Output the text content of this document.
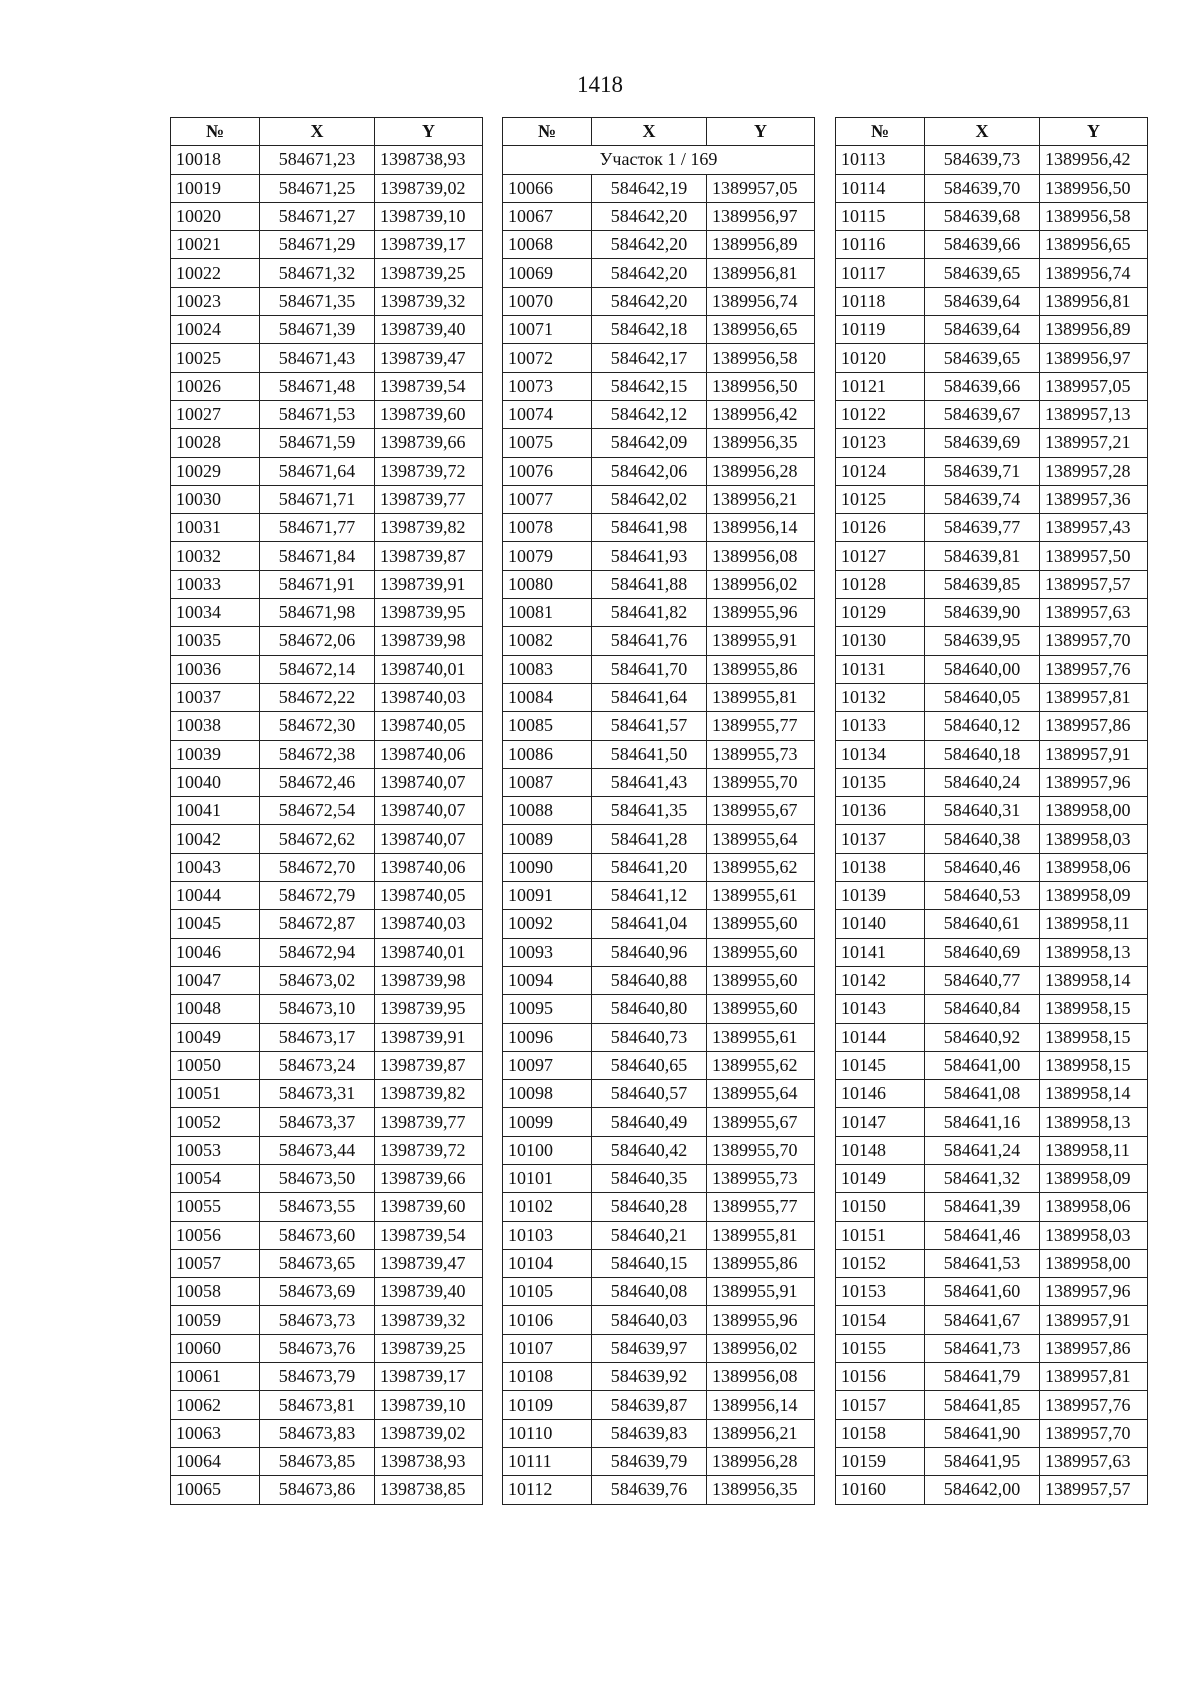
1418
№	X	Y
10018	584671,23	1398738,93
10019	584671,25	1398739,02
10020	584671,27	1398739,10
10021	584671,29	1398739,17
10022	584671,32	1398739,25
10023	584671,35	1398739,32
10024	584671,39	1398739,40
10025	584671,43	1398739,47
10026	584671,48	1398739,54
10027	584671,53	1398739,60
10028	584671,59	1398739,66
10029	584671,64	1398739,72
10030	584671,71	1398739,77
10031	584671,77	1398739,82
10032	584671,84	1398739,87
10033	584671,91	1398739,91
10034	584671,98	1398739,95
10035	584672,06	1398739,98
10036	584672,14	1398740,01
10037	584672,22	1398740,03
10038	584672,30	1398740,05
10039	584672,38	1398740,06
10040	584672,46	1398740,07
10041	584672,54	1398740,07
10042	584672,62	1398740,07
10043	584672,70	1398740,06
10044	584672,79	1398740,05
10045	584672,87	1398740,03
10046	584672,94	1398740,01
10047	584673,02	1398739,98
10048	584673,10	1398739,95
10049	584673,17	1398739,91
10050	584673,24	1398739,87
10051	584673,31	1398739,82
10052	584673,37	1398739,77
10053	584673,44	1398739,72
10054	584673,50	1398739,66
10055	584673,55	1398739,60
10056	584673,60	1398739,54
10057	584673,65	1398739,47
10058	584673,69	1398739,40
10059	584673,73	1398739,32
10060	584673,76	1398739,25
10061	584673,79	1398739,17
10062	584673,81	1398739,10
10063	584673,83	1398739,02
10064	584673,85	1398738,93
10065	584673,86	1398738,85
№	X	Y
Участок 1 / 169		
10066	584642,19	1389957,05
10067	584642,20	1389956,97
10068	584642,20	1389956,89
10069	584642,20	1389956,81
10070	584642,20	1389956,74
10071	584642,18	1389956,65
10072	584642,17	1389956,58
10073	584642,15	1389956,50
10074	584642,12	1389956,42
10075	584642,09	1389956,35
10076	584642,06	1389956,28
10077	584642,02	1389956,21
10078	584641,98	1389956,14
10079	584641,93	1389956,08
10080	584641,88	1389956,02
10081	584641,82	1389955,96
10082	584641,76	1389955,91
10083	584641,70	1389955,86
10084	584641,64	1389955,81
10085	584641,57	1389955,77
10086	584641,50	1389955,73
10087	584641,43	1389955,70
10088	584641,35	1389955,67
10089	584641,28	1389955,64
10090	584641,20	1389955,62
10091	584641,12	1389955,61
10092	584641,04	1389955,60
10093	584640,96	1389955,60
10094	584640,88	1389955,60
10095	584640,80	1389955,60
10096	584640,73	1389955,61
10097	584640,65	1389955,62
10098	584640,57	1389955,64
10099	584640,49	1389955,67
10100	584640,42	1389955,70
10101	584640,35	1389955,73
10102	584640,28	1389955,77
10103	584640,21	1389955,81
10104	584640,15	1389955,86
10105	584640,08	1389955,91
10106	584640,03	1389955,96
10107	584639,97	1389956,02
10108	584639,92	1389956,08
10109	584639,87	1389956,14
10110	584639,83	1389956,21
10111	584639,79	1389956,28
10112	584639,76	1389956,35
№	X	Y
10113	584639,73	1389956,42
10114	584639,70	1389956,50
10115	584639,68	1389956,58
10116	584639,66	1389956,65
10117	584639,65	1389956,74
10118	584639,64	1389956,81
10119	584639,64	1389956,89
10120	584639,65	1389956,97
10121	584639,66	1389957,05
10122	584639,67	1389957,13
10123	584639,69	1389957,21
10124	584639,71	1389957,28
10125	584639,74	1389957,36
10126	584639,77	1389957,43
10127	584639,81	1389957,50
10128	584639,85	1389957,57
10129	584639,90	1389957,63
10130	584639,95	1389957,70
10131	584640,00	1389957,76
10132	584640,05	1389957,81
10133	584640,12	1389957,86
10134	584640,18	1389957,91
10135	584640,24	1389957,96
10136	584640,31	1389958,00
10137	584640,38	1389958,03
10138	584640,46	1389958,06
10139	584640,53	1389958,09
10140	584640,61	1389958,11
10141	584640,69	1389958,13
10142	584640,77	1389958,14
10143	584640,84	1389958,15
10144	584640,92	1389958,15
10145	584641,00	1389958,15
10146	584641,08	1389958,14
10147	584641,16	1389958,13
10148	584641,24	1389958,11
10149	584641,32	1389958,09
10150	584641,39	1389958,06
10151	584641,46	1389958,03
10152	584641,53	1389958,00
10153	584641,60	1389957,96
10154	584641,67	1389957,91
10155	584641,73	1389957,86
10156	584641,79	1389957,81
10157	584641,85	1389957,76
10158	584641,90	1389957,70
10159	584641,95	1389957,63
10160	584642,00	1389957,57
